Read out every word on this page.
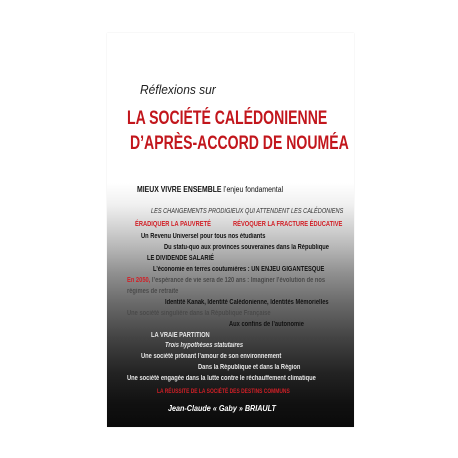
Réflexions sur
LA SOCIÉTÉ CALÉDONIENNE
D’APRÈS-ACCORD DE NOUMÉA
MIEUX VIVRE ENSEMBLE l’enjeu fondamental
LES CHANGEMENTS PRODIGIEUX QUI ATTENDENT LES CALÉDONIENS
ÉRADIQUER LA PAUVRETÉ	RÉVOQUER LA FRACTURE ÉDUCATIVE
Un Revenu Universel pour tous nos étudiants
Du statu-quo aux provinces souveraines dans la République
LE DIVIDENDE SALARIÉ
L’économie en terres coutumières : UN ENJEU GIGANTESQUE
En 2050, l’espérance de vie sera de 120 ans : Imaginer l’évolution de nos
régimes de retraite
Identité Kanak, Identité Calédonienne, Identités Mémorielles
Une société singulière dans la République Française
Aux confins de l’autonomie
LA VRAIE PARTITION
Trois hypothèses statutaires
Une société prônant l’amour de son environnement
Dans la République et dans la Région
Une société engagée dans la lutte contre le réchauffement climatique
LA RÉUSSITE DE LA SOCIÉTÉ DES DESTINS COMMUNS
Jean-Claude « Gaby » BRIAULT
